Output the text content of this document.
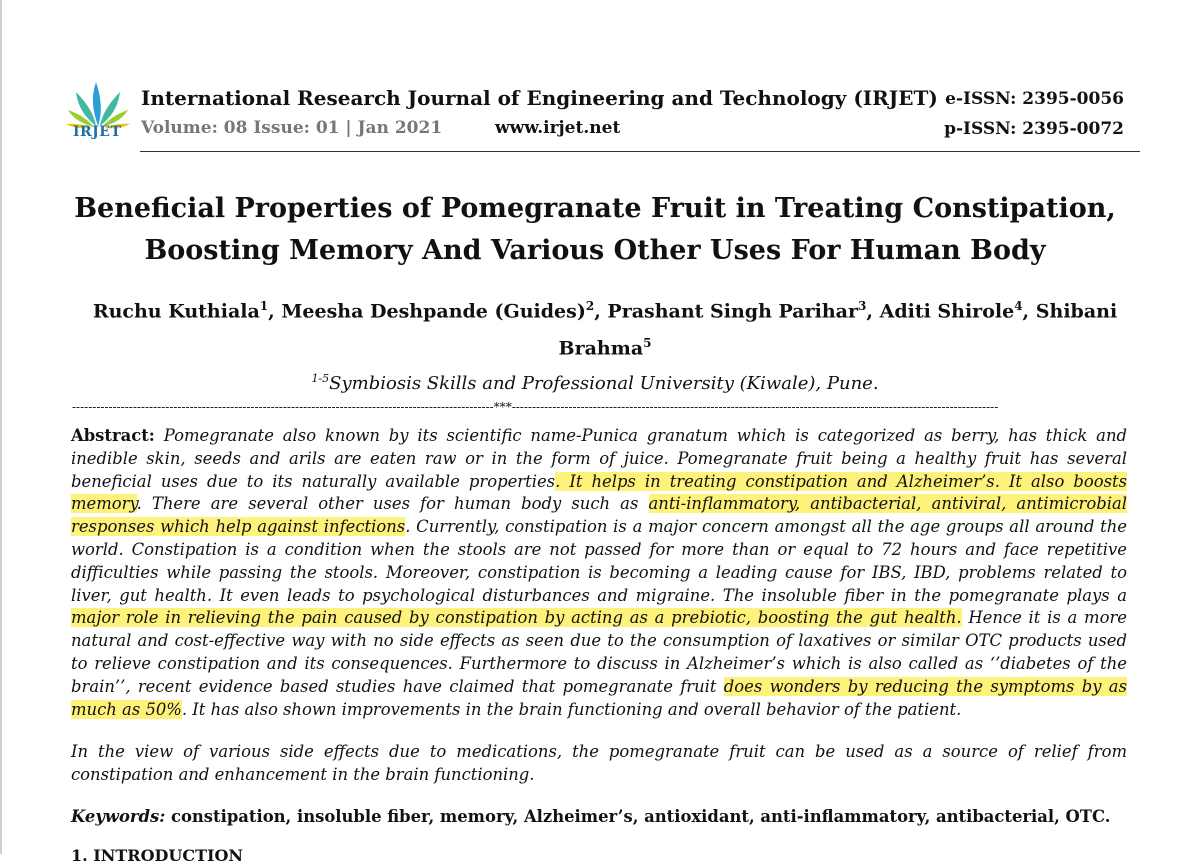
IRJET
International Research Journal of Engineering and Technology (IRJET)
Volume: 08 Issue: 01 | Jan 2021	www.irjet.net
e-ISSN: 2395-0056
p-ISSN: 2395-0072
Beneficial Properties of Pomegranate Fruit in Treating Constipation,
Boosting Memory And Various Other Uses For Human Body
Ruchu Kuthiala$^1$, Meesha Deshpande (Guides)$^2$, Prashant Singh Parihar$^3$, Aditi Shirole$^4$, Shibani Brahma$^5$
$^{1-5}$Symbiosis Skills and Professional University (Kiwale), Pune.
--------------------------------------------------------------------------------------------------------***------------------------------------------------------------------------------------------------------------------------
Abstract: Pomegranate also known by its scientific name-Punica granatum which is categorized as berry, has thick and inedible skin, seeds and arils are eaten raw or in the form of juice. Pomegranate fruit being a healthy fruit has several beneficial uses due to its naturally available properties. It helps in treating constipation and Alzheimer’s. It also boosts memory. There are several other uses for human body such as anti-inflammatory, antibacterial, antiviral, antimicrobial responses which help against infections. Currently, constipation is a major concern amongst all the age groups all around the world. Constipation is a condition when the stools are not passed for more than or equal to 72 hours and face repetitive difficulties while passing the stools. Moreover, constipation is becoming a leading cause for IBS, IBD, problems related to liver, gut health. It even leads to psychological disturbances and migraine. The insoluble fiber in the pomegranate plays a major role in relieving the pain caused by constipation by acting as a prebiotic, boosting the gut health. Hence it is a more natural and cost-effective way with no side effects as seen due to the consumption of laxatives or similar OTC products used to relieve constipation and its consequences. Furthermore to discuss in Alzheimer’s which is also called as ‘’diabetes of the brain’’, recent evidence based studies have claimed that pomegranate fruit does wonders by reducing the symptoms by as much as 50%. It has also shown improvements in the brain functioning and overall behavior of the patient.
In the view of various side effects due to medications, the pomegranate fruit can be used as a source of relief from constipation and enhancement in the brain functioning.
Keywords: constipation, insoluble fiber, memory, Alzheimer’s, antioxidant, anti-inflammatory, antibacterial, OTC.
1. INTRODUCTION
